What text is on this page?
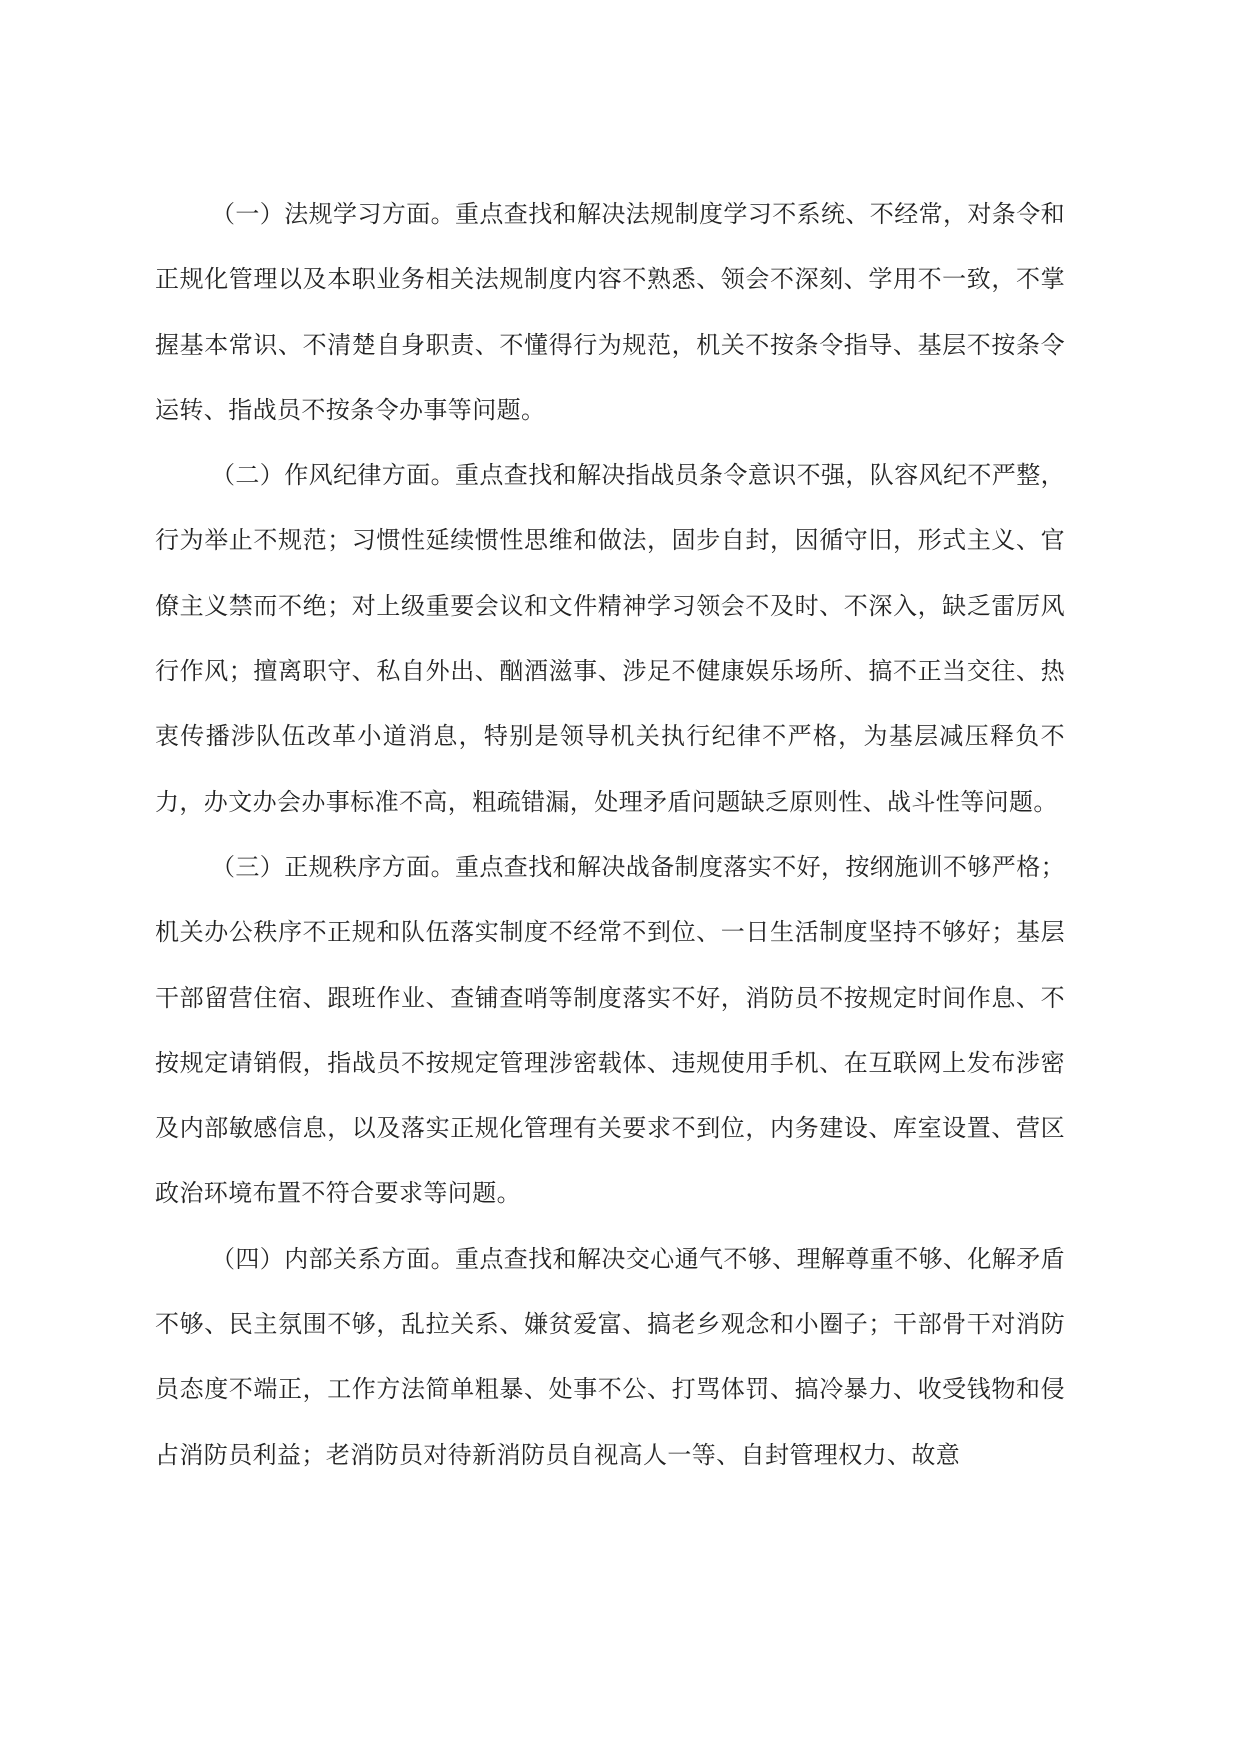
（一）法规学习方面。重点查找和解决法规制度学习不系统、不经常，对条令和正规化管理以及本职业务相关法规制度内容不熟悉、领会不深刻、学用不一致，不掌握基本常识、不清楚自身职责、不懂得行为规范，机关不按条令指导、基层不按条令运转、指战员不按条令办事等问题。

（二）作风纪律方面。重点查找和解决指战员条令意识不强，队容风纪不严整，行为举止不规范；习惯性延续惯性思维和做法，固步自封，因循守旧，形式主义、官僚主义禁而不绝；对上级重要会议和文件精神学习领会不及时、不深入，缺乏雷厉风行作风；擅离职守、私自外出、酗酒滋事、涉足不健康娱乐场所、搞不正当交往、热衷传播涉队伍改革小道消息，特别是领导机关执行纪律不严格，为基层减压释负不力，办文办会办事标准不高，粗疏错漏，处理矛盾问题缺乏原则性、战斗性等问题。

（三）正规秩序方面。重点查找和解决战备制度落实不好，按纲施训不够严格；机关办公秩序不正规和队伍落实制度不经常不到位、一日生活制度坚持不够好；基层干部留营住宿、跟班作业、查铺查哨等制度落实不好，消防员不按规定时间作息、不按规定请销假，指战员不按规定管理涉密载体、违规使用手机、在互联网上发布涉密及内部敏感信息，以及落实正规化管理有关要求不到位，内务建设、库室设置、营区政治环境布置不符合要求等问题。

（四）内部关系方面。重点查找和解决交心通气不够、理解尊重不够、化解矛盾不够、民主氛围不够，乱拉关系、嫌贫爱富、搞老乡观念和小圈子；干部骨干对消防员态度不端正，工作方法简单粗暴、处事不公、打骂体罚、搞冷暴力、收受钱物和侵占消防员利益；老消防员对待新消防员自视高人一等、自封管理权力、故意
